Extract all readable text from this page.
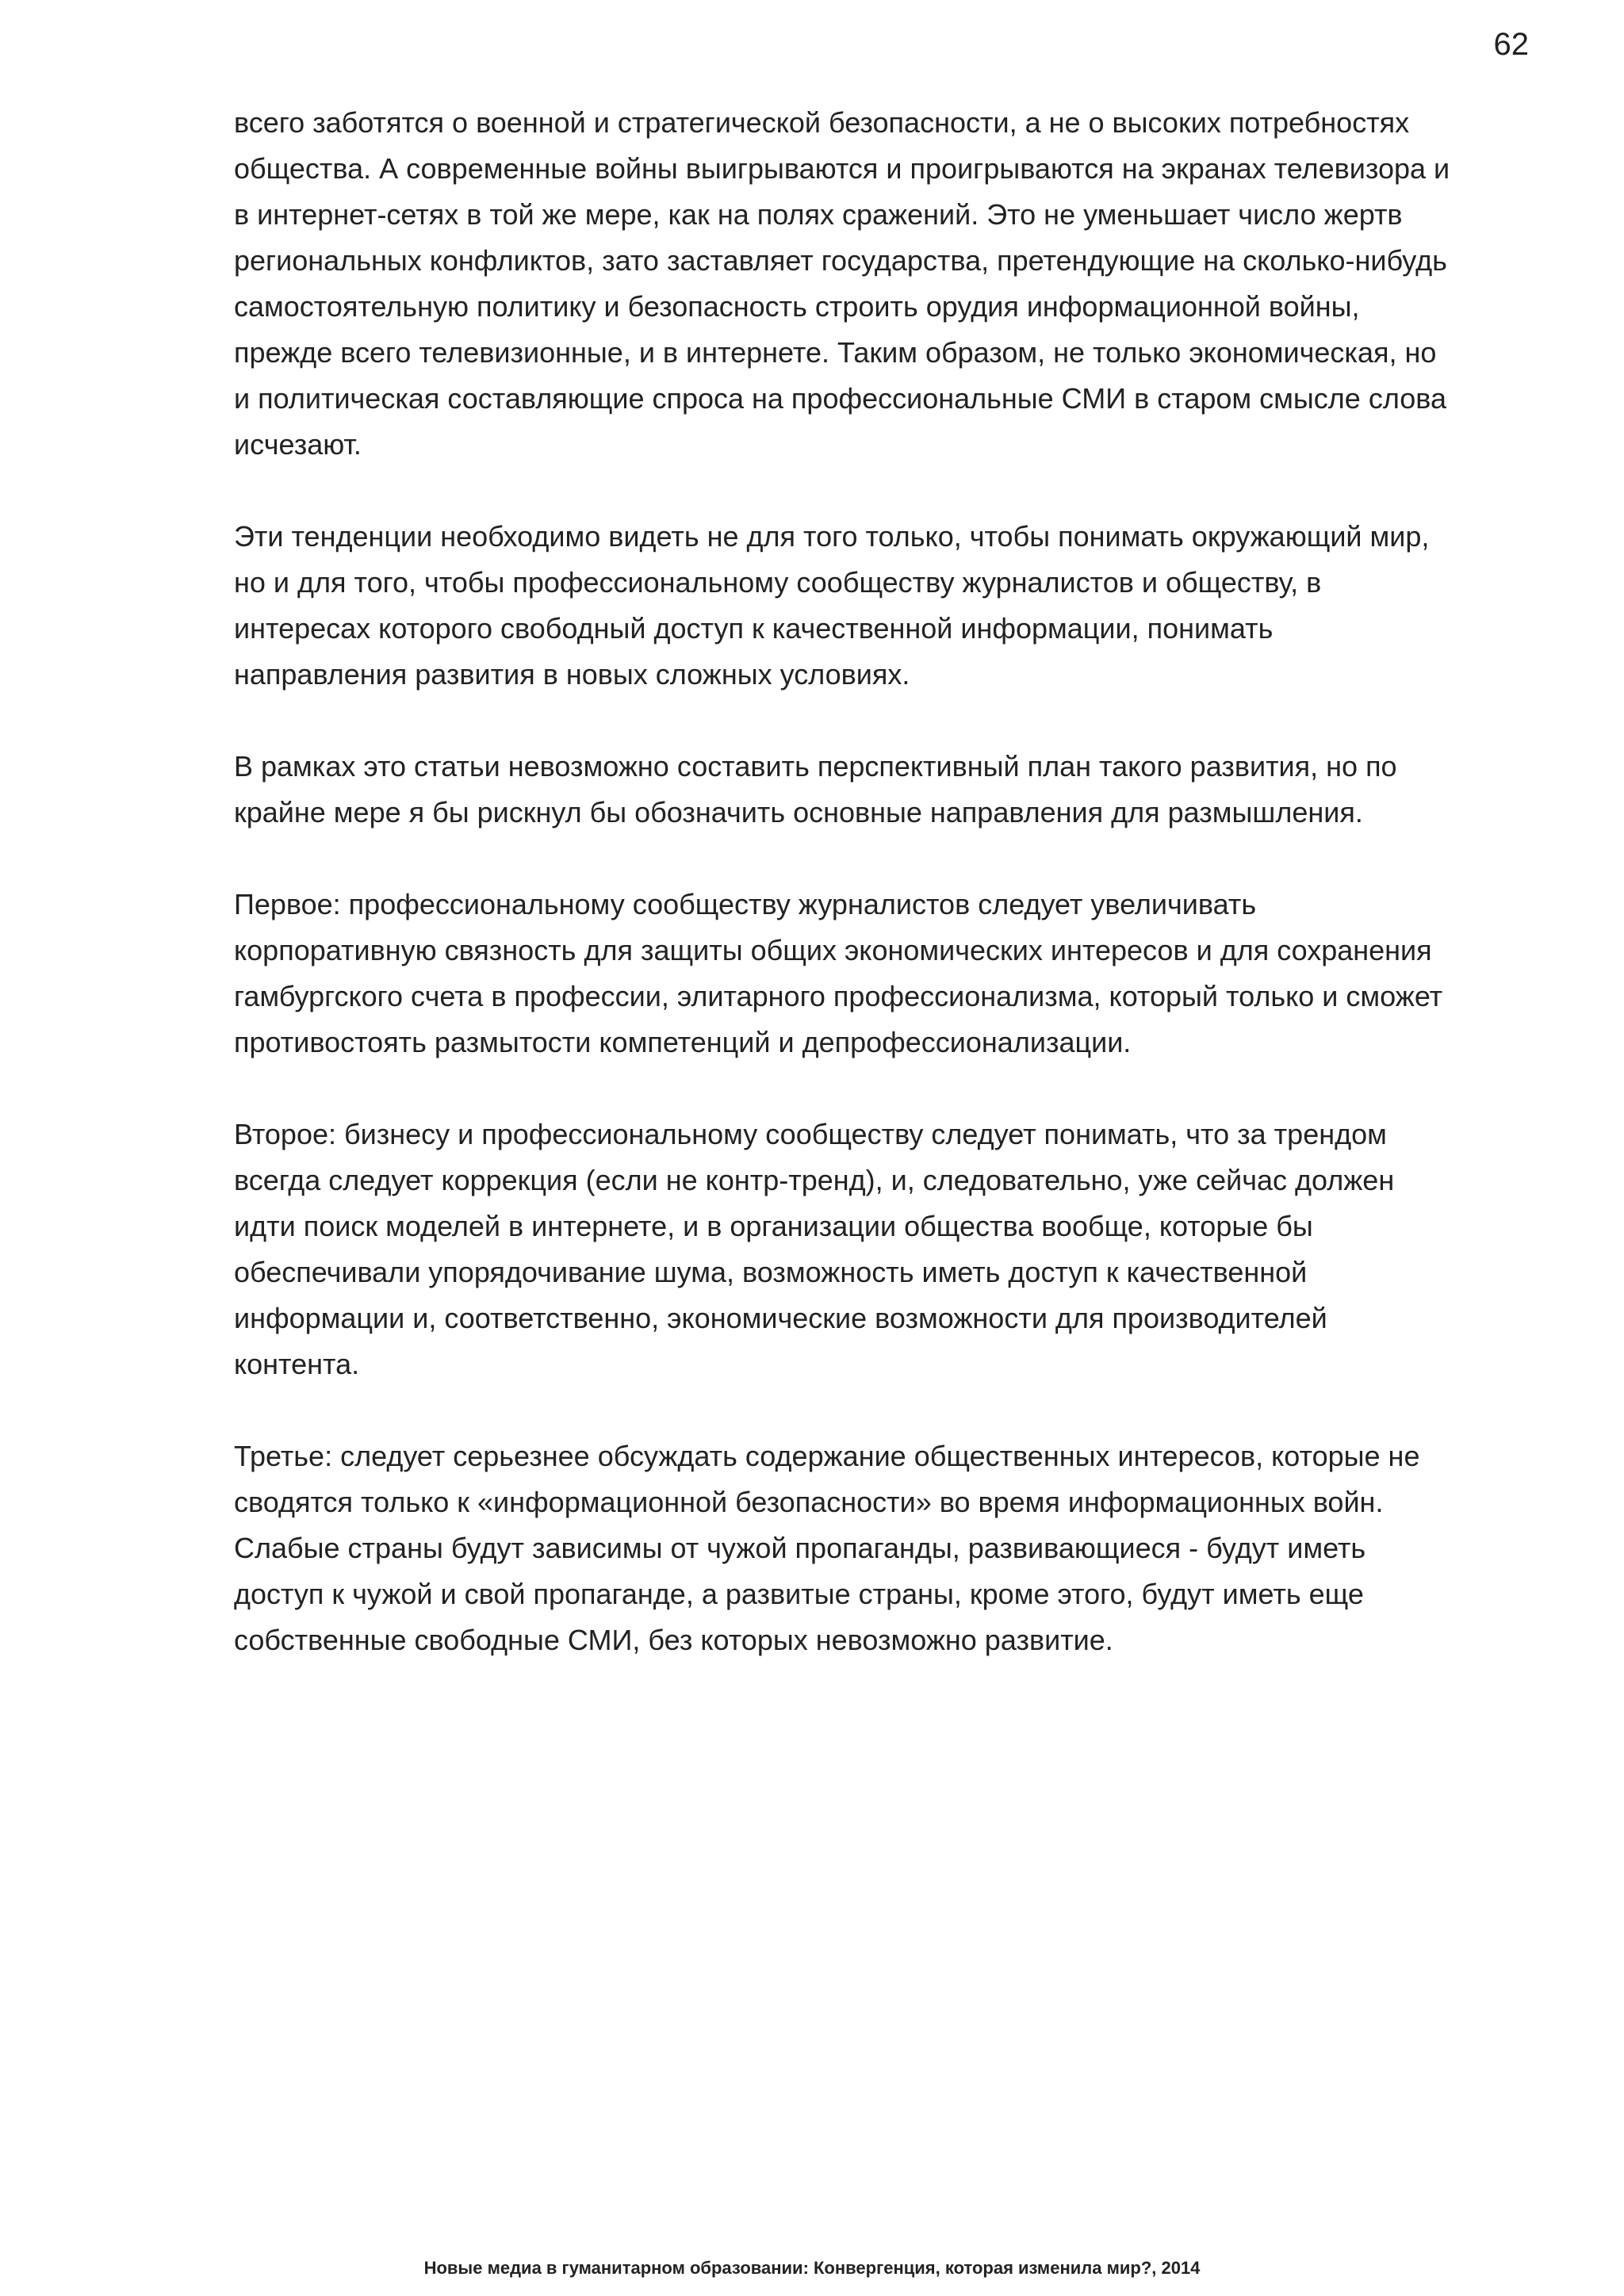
62

всего заботятся о военной и стратегической безопасности, а не о высоких потребностях
общества. А современные войны выигрываются и проигрываются на экранах телевизора и
в интернет-сетях в той же мере, как на полях сражений. Это не уменьшает число жертв
региональных конфликтов, зато заставляет государства, претендующие на сколько-нибудь
самостоятельную политику и безопасность строить орудия информационной войны,
прежде всего телевизионные, и в интернете. Таким образом, не только экономическая, но
и политическая составляющие спроса на профессиональные СМИ в старом смысле слова
исчезают.

Эти тенденции необходимо видеть не для того только, чтобы понимать окружающий мир,
но и для того, чтобы профессиональному сообществу журналистов и обществу, в
интересах которого свободный доступ к качественной информации, понимать
направления развития в новых сложных условиях.

В рамках это статьи невозможно составить перспективный план такого развития, но по
крайне мере я бы рискнул бы обозначить основные направления для размышления.

Первое: профессиональному сообществу журналистов следует увеличивать
корпоративную связность для защиты общих экономических интересов и для сохранения
гамбургского счета в профессии, элитарного профессионализма, который только и сможет
противостоять размытости компетенций и депрофессионализации.

Вторoе: бизнесу и профессиональному сообществу следует понимать, что за трендом
всегда следует коррекция (если не контр-тренд), и, следовательно, уже сейчас должен
идти поиск моделей в интернете, и в организации общества вообще, которые бы
обеспечивали упорядочивание шума, возможность иметь доступ к качественной
информации и, соответственно, экономические возможности для производителей
контента.

Третье: следует серьезнее обсуждать содержание общественных интересов, которые не
сводятся только к «информационной безопасности» во время информационных войн.
Слабые страны будут зависимы от чужой пропаганды, развивающиеся - будут иметь
доступ к чужой и свой пропаганде, а развитые страны, кроме этого, будут иметь еще
собственные свободные СМИ, без которых невозможно развитие.

Новые медиа в гуманитарном образовании: Конвергенция, которая изменила мир?, 2014
